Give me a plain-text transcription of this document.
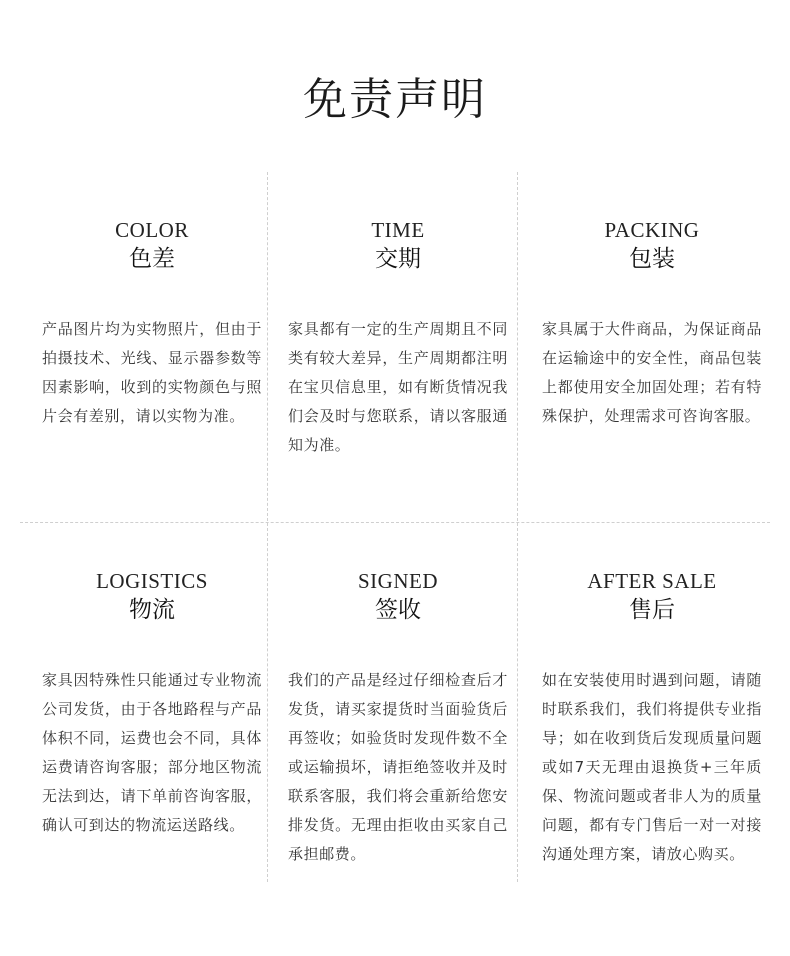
免责声明
COLOR
色差
产品图片均为实物照片，但由于拍摄技术、光线、显示器参数等因素影响，收到的实物颜色与照片会有差别，请以实物为准。
TIME
交期
家具都有一定的生产周期且不同类有较大差异，生产周期都注明在宝贝信息里，如有断货情况我们会及时与您联系，请以客服通知为准。
PACKING
包装
家具属于大件商品，为保证商品在运输途中的安全性，商品包装上都使用安全加固处理；若有特殊保护，处理需求可咨询客服。
LOGISTICS
物流
家具因特殊性只能通过专业物流公司发货，由于各地路程与产品体积不同，运费也会不同，具体运费请咨询客服；部分地区物流无法到达，请下单前咨询客服，确认可到达的物流运送路线。
SIGNED
签收
我们的产品是经过仔细检查后才发货，请买家提货时当面验货后再签收；如验货时发现件数不全或运输损坏，请拒绝签收并及时联系客服，我们将会重新给您安排发货。无理由拒收由买家自己承担邮费。
AFTER SALE
售后
如在安装使用时遇到问题，请随时联系我们，我们将提供专业指导；如在收到货后发现质量问题或如7天无理由退换货+三年质保、物流问题或者非人为的质量问题，都有专门售后一对一对接沟通处理方案，请放心购买。
